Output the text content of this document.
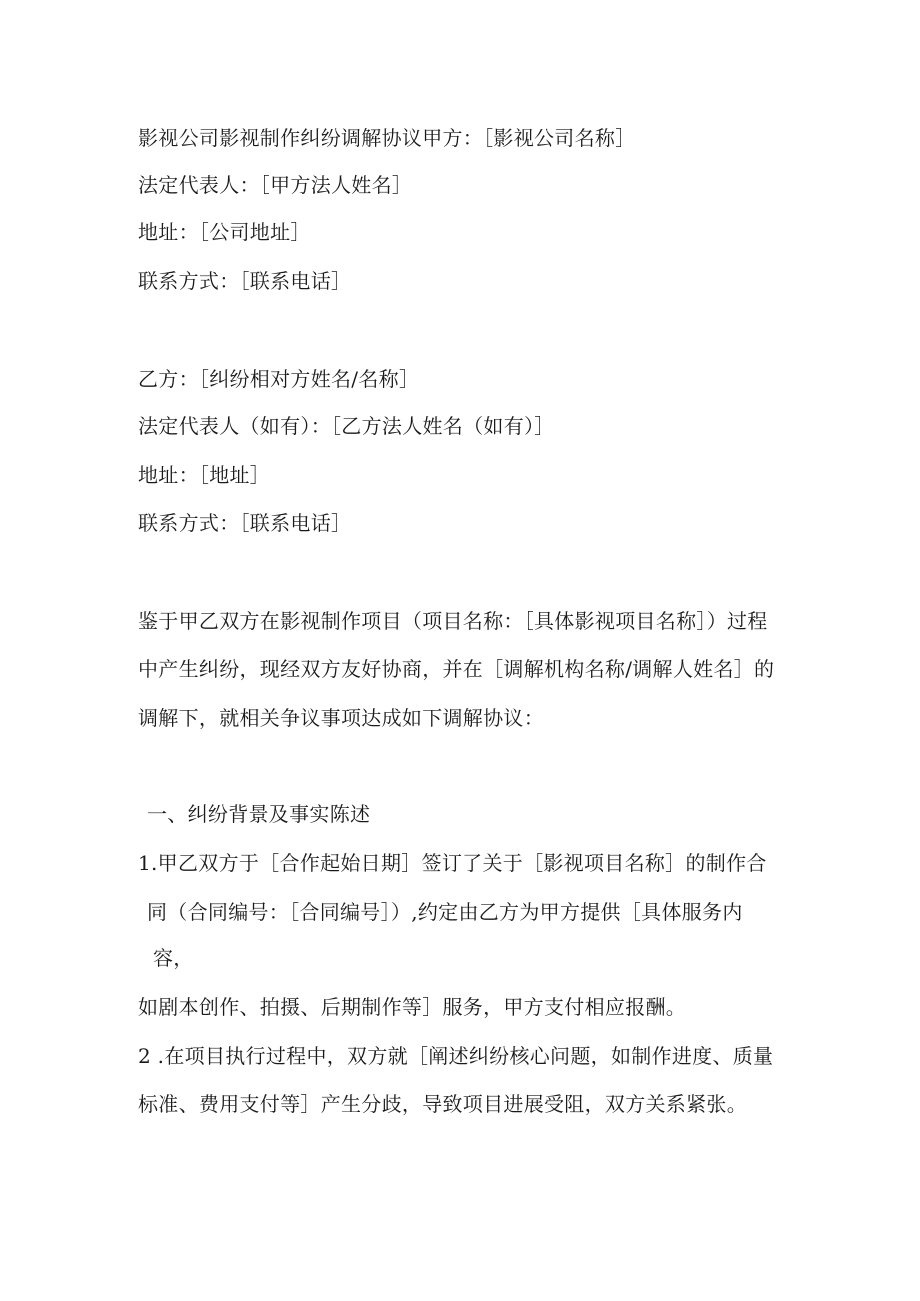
影视公司影视制作纠纷调解协议甲方：［影视公司名称］

法定代表人：［甲方法人姓名］

地址：［公司地址］

联系方式：［联系电话］

乙方：［纠纷相对方姓名/名称］

法定代表人（如有）：［乙方法人姓名（如有）］

地址：［地址］

联系方式：［联系电话］

鉴于甲乙双方在影视制作项目（项目名称：［具体影视项目名称］）过程

中产生纠纷，现经双方友好协商，并在［调解机构名称/调解人姓名］的

调解下，就相关争议事项达成如下调解协议：

一、纠纷背景及事实陈述

1.甲乙双方于［合作起始日期］签订了关于［影视项目名称］的制作合

同（合同编号：［合同编号］）,约定由乙方为甲方提供［具体服务内

容，

如剧本创作、拍摄、后期制作等］服务，甲方支付相应报酬。

2 .在项目执行过程中，双方就［阐述纠纷核心问题，如制作进度、质量

标准、费用支付等］产生分歧，导致项目进展受阻，双方关系紧张。
